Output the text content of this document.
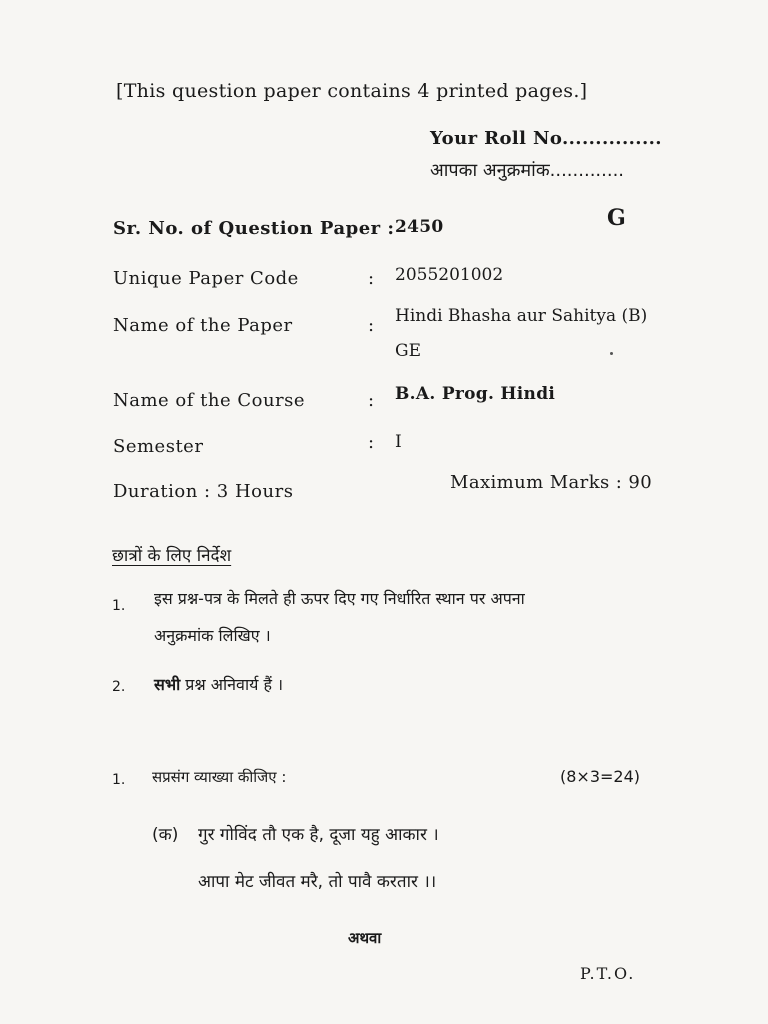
[This question paper contains 4 printed pages.]
Your Roll No...............
आपका अनुक्रमांक.............
Sr. No. of Question Paper : 2450	G
Unique Paper Code	: 2055201002
Name of the Paper	: Hindi Bhasha aur Sahitya (B)
GE
Name of the Course	: B.A. Prog. Hindi
Semester	: I
Duration : 3 Hours	Maximum Marks : 90
छात्रों के लिए निर्देश
1. इस प्रश्न-पत्र के मिलते ही ऊपर दिए गए निर्धारित स्थान पर अपना
अनुक्रमांक लिखिए ।
2. सभी प्रश्न अनिवार्य हैं ।
1. सप्रसंग व्याख्या कीजिए :	(8×3=24)
(क) गुर गोविंद तौ एक है, दूजा यहु आकार ।
आपा मेट जीवत मरै, तो पावै करतार ।।
अथवा
P.T.O.
